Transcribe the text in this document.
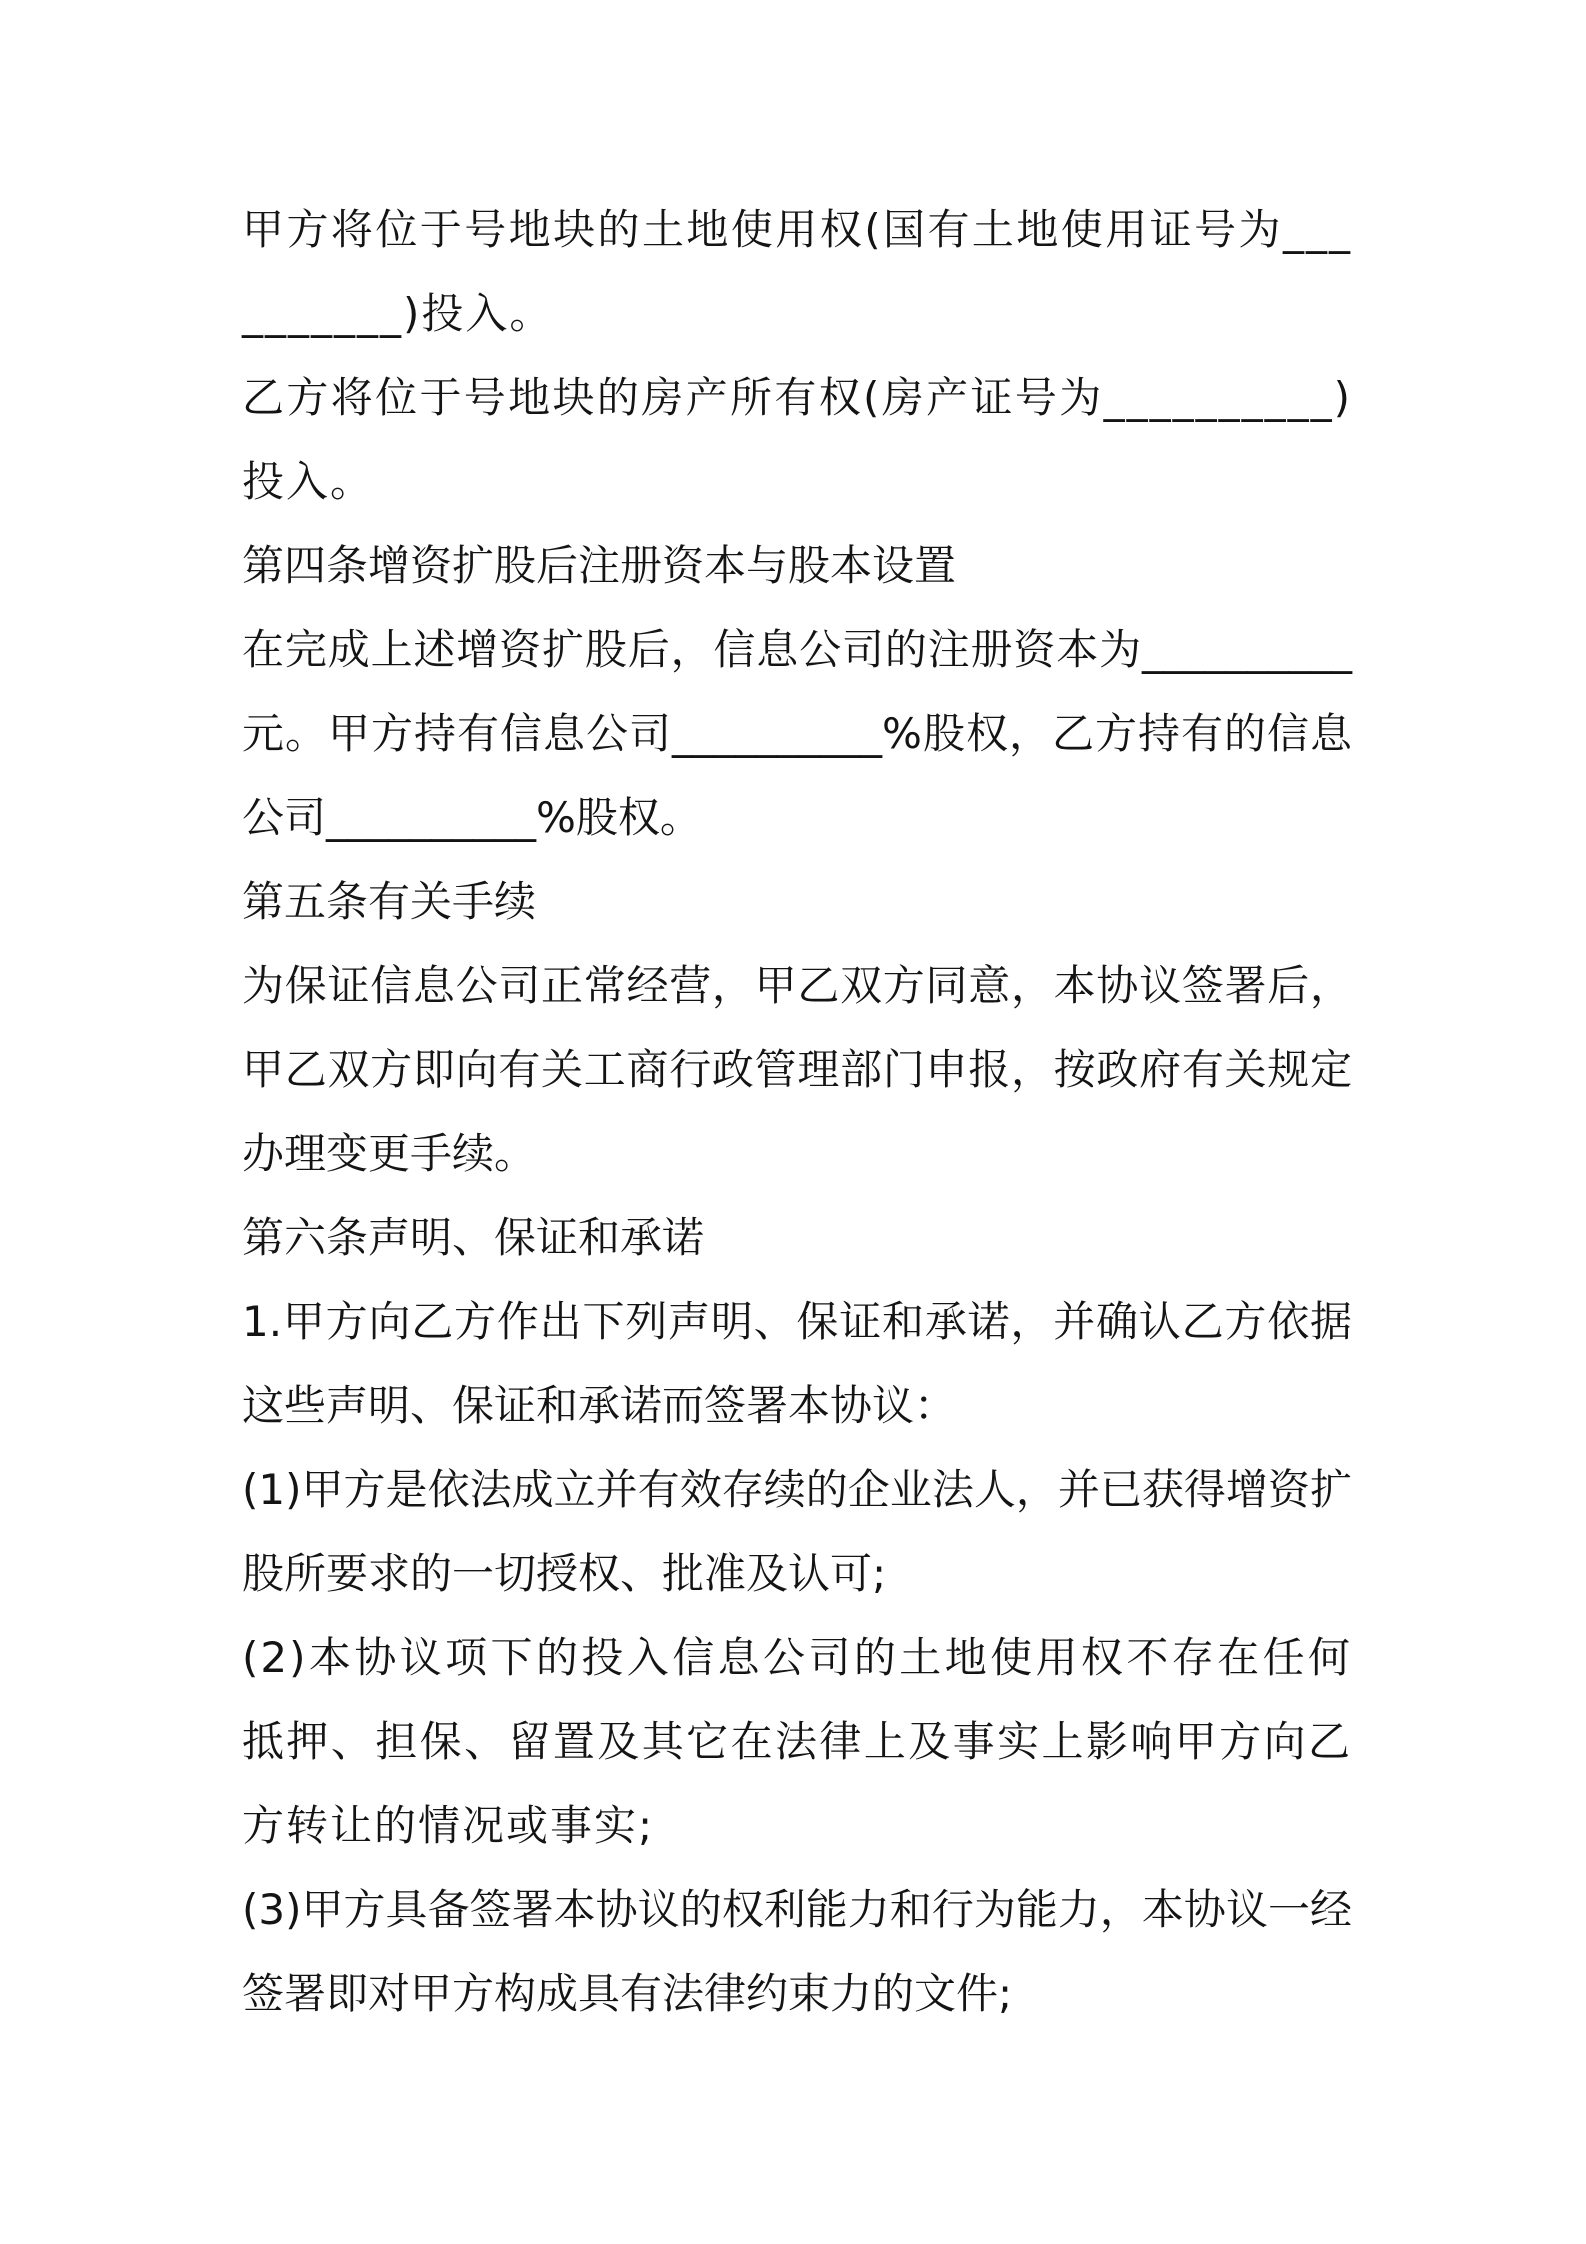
甲方将位于号地块的土地使用权(国有土地使用证号为__________)投入。

乙方将位于号地块的房产所有权(房产证号为__________)投入。

第四条增资扩股后注册资本与股本设置

在完成上述增资扩股后，信息公司的注册资本为__________元。甲方持有信息公司__________%股权，乙方持有的信息公司__________%股权。

第五条有关手续

为保证信息公司正常经营，甲乙双方同意，本协议签署后，甲乙双方即向有关工商行政管理部门申报，按政府有关规定办理变更手续。

第六条声明、保证和承诺

1.甲方向乙方作出下列声明、保证和承诺，并确认乙方依据这些声明、保证和承诺而签署本协议：

(1)甲方是依法成立并有效存续的企业法人，并已获得增资扩股所要求的一切授权、批准及认可;

(2)本协议项下的投入信息公司的土地使用权不存在任何抵押、担保、留置及其它在法律上及事实上影响甲方向乙方转让的情况或事实;

(3)甲方具备签署本协议的权利能力和行为能力，本协议一经签署即对甲方构成具有法律约束力的文件;
